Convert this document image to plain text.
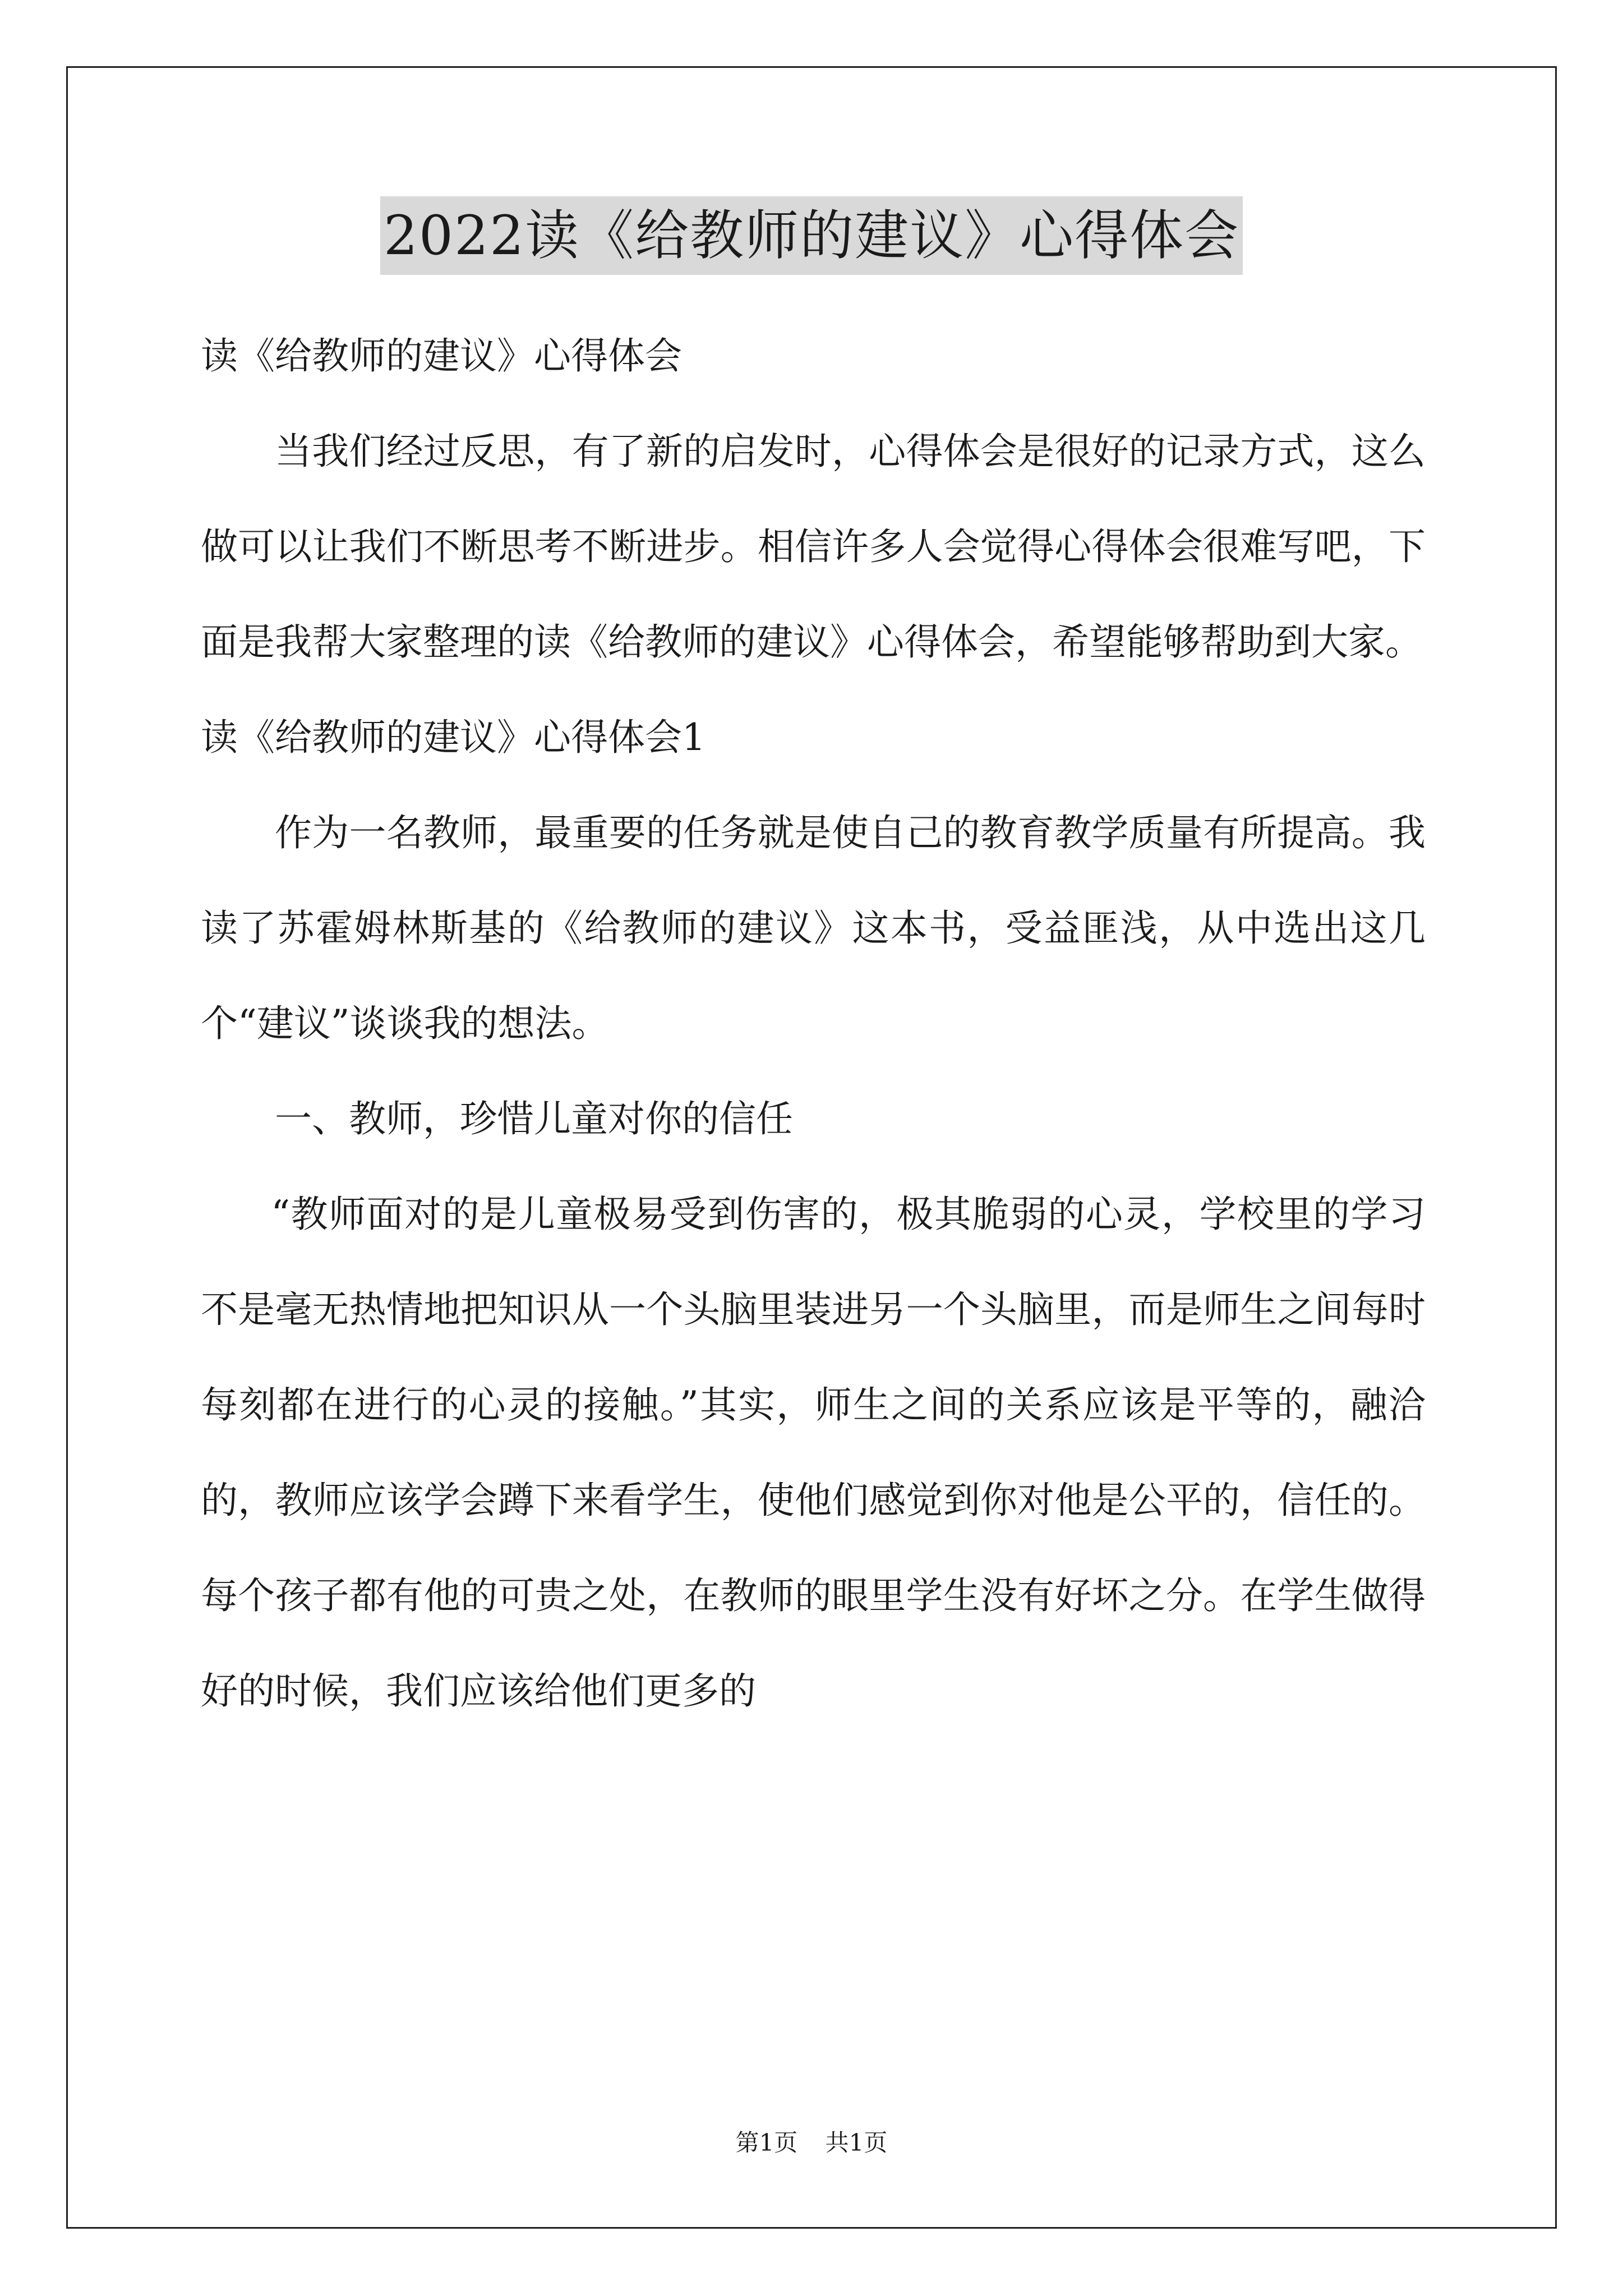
2022读《给教师的建议》心得体会
读《给教师的建议》心得体会

当我们经过反思，有了新的启发时，心得体会是很好的记录方式，这么做可以让我们不断思考不断进步。相信许多人会觉得心得体会很难写吧，下面是我帮大家整理的读《给教师的建议》心得体会，希望能够帮助到大家。

读《给教师的建议》心得体会1

作为一名教师，最重要的任务就是使自己的教育教学质量有所提高。我读了苏霍姆林斯基的《给教师的建议》这本书，受益匪浅，从中选出这几个“建议”谈谈我的想法。

一、教师，珍惜儿童对你的信任

“教师面对的是儿童极易受到伤害的，极其脆弱的心灵，学校里的学习不是毫无热情地把知识从一个头脑里装进另一个头脑里，而是师生之间每时每刻都在进行的心灵的接触。”其实，师生之间的关系应该是平等的，融洽的，教师应该学会蹲下来看学生，使他们感觉到你对他是公平的，信任的。每个孩子都有他的可贵之处，在教师的眼里学生没有好坏之分。在学生做得好的时候，我们应该给他们更多的

第1页 共1页
